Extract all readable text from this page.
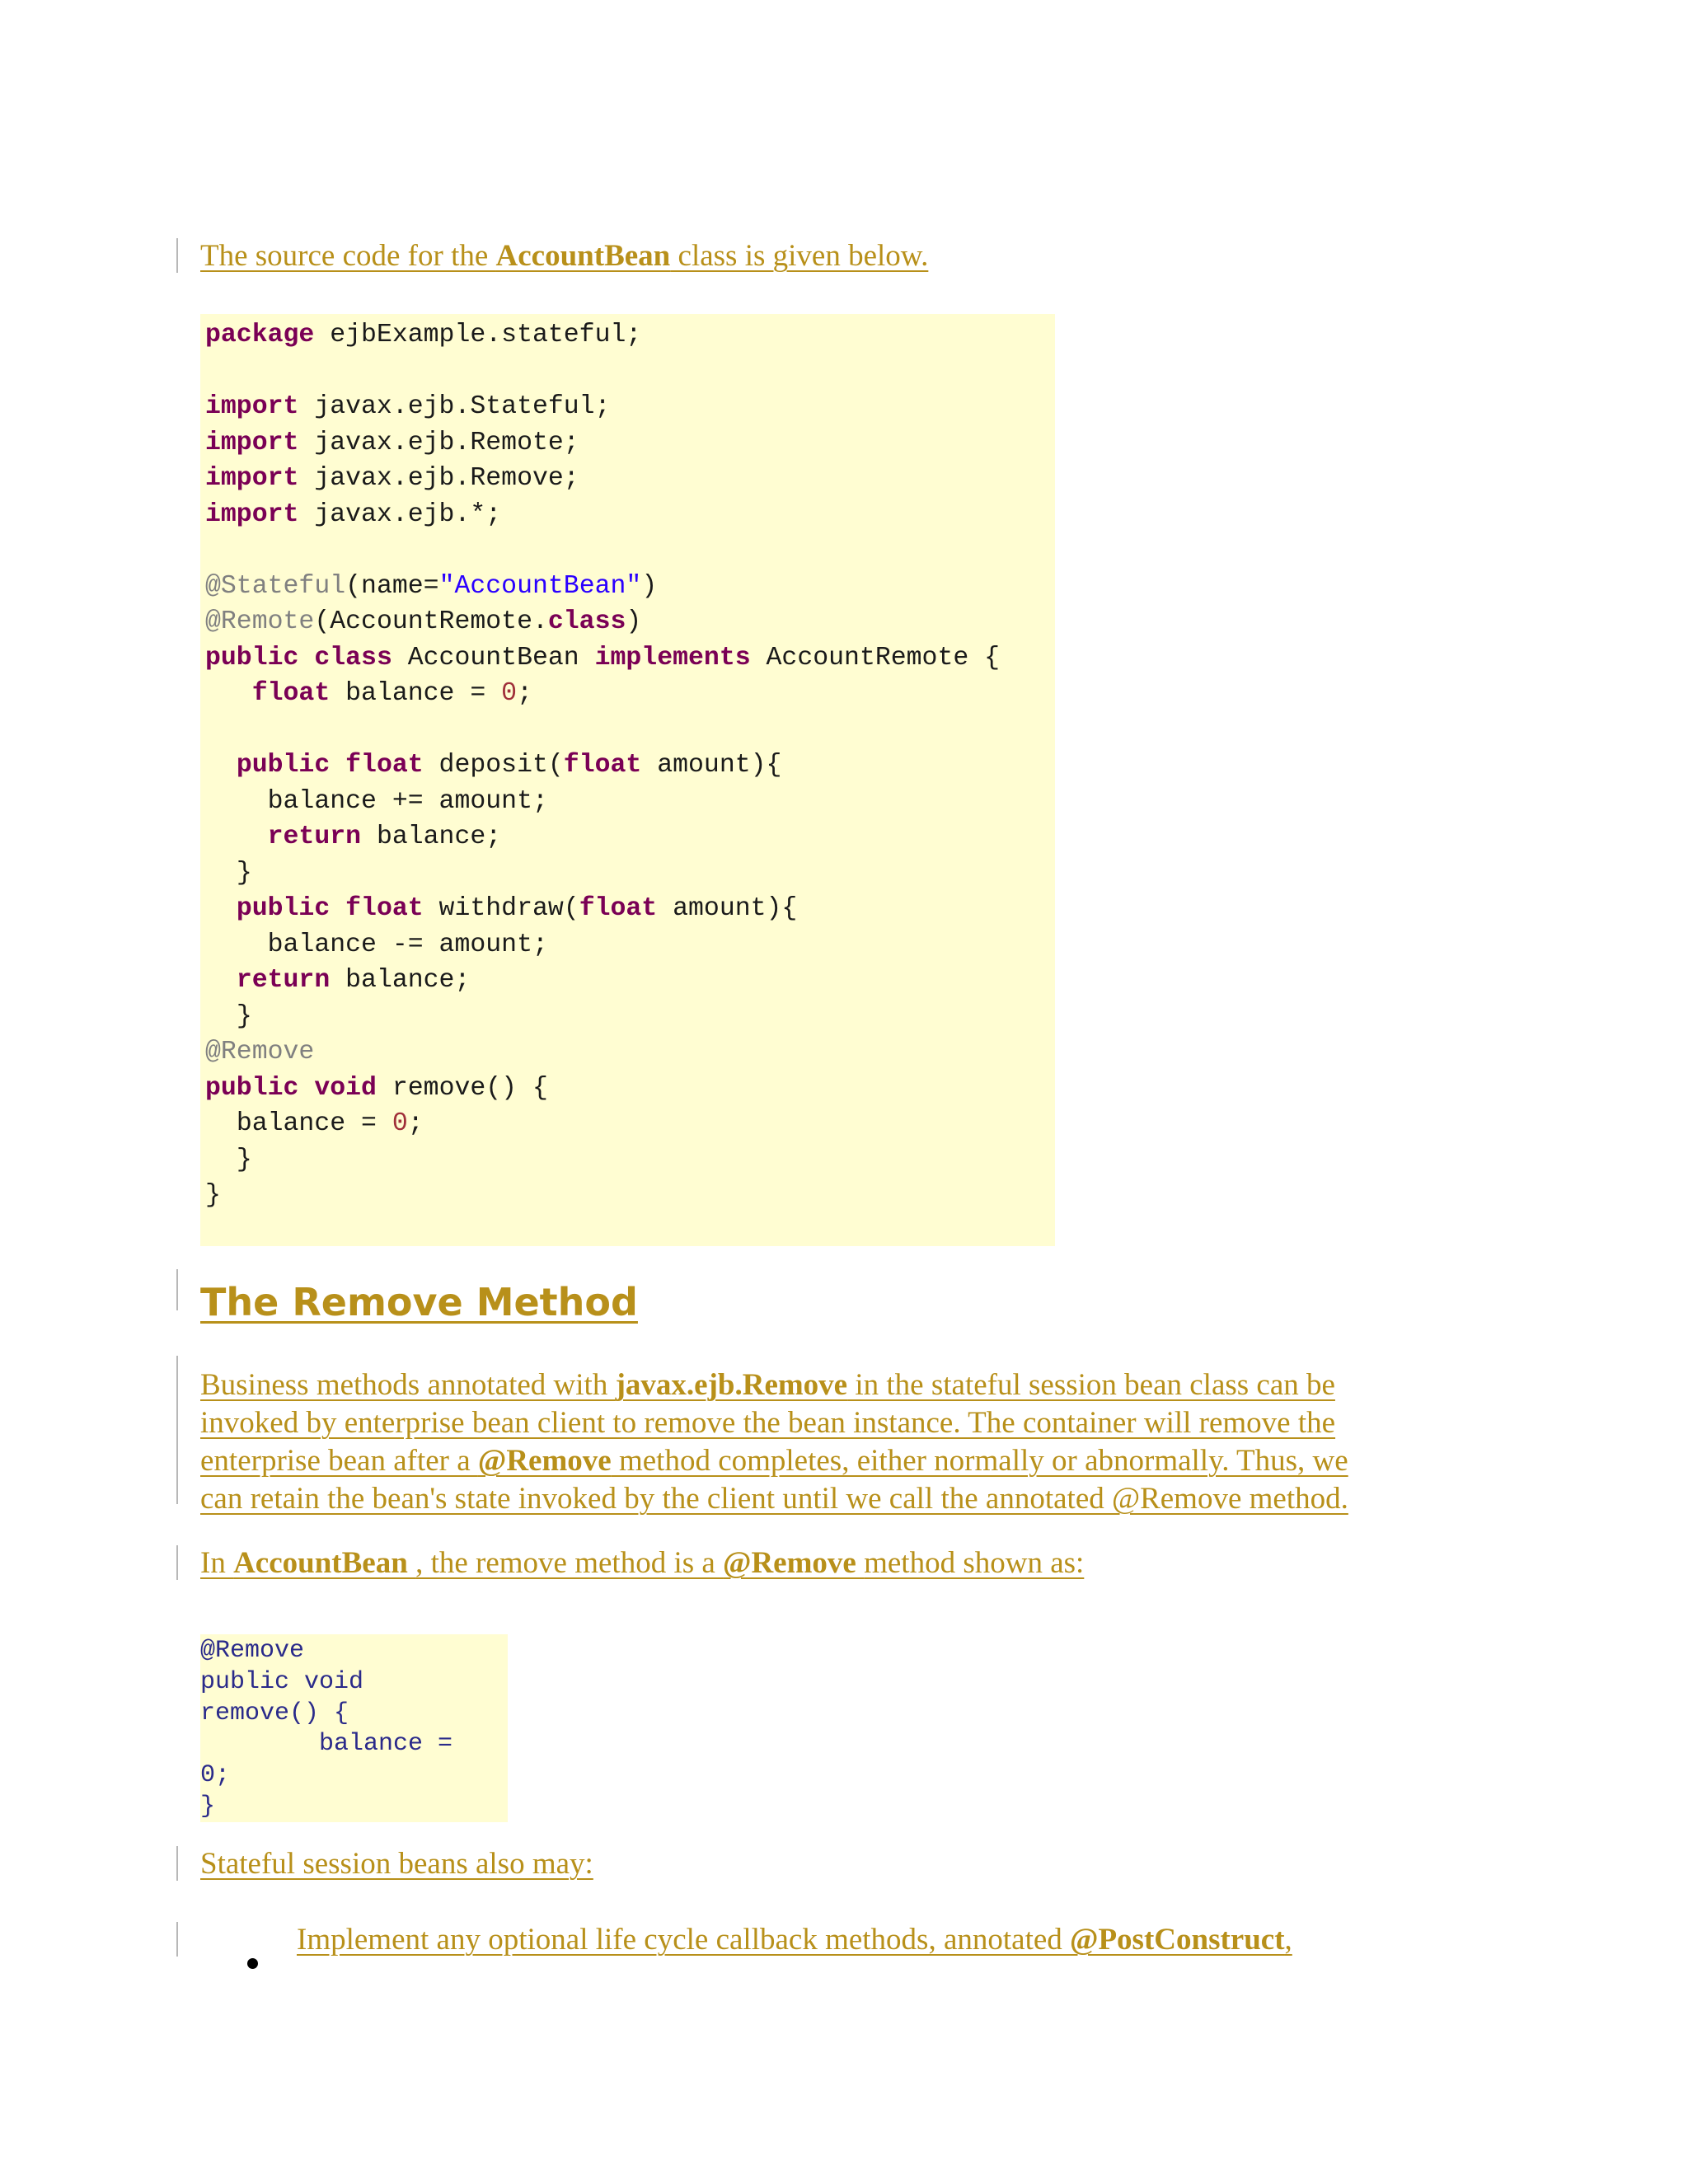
The source code for the AccountBean class is given below.
package ejbExample.stateful;

import javax.ejb.Stateful;
import javax.ejb.Remote;
import javax.ejb.Remove;
import javax.ejb.*;

@Stateful(name="AccountBean")
@Remote(AccountRemote.class)
public class AccountBean implements AccountRemote {
float balance = 0;

public float deposit(float amount){
balance += amount;
return balance;
}
public float withdraw(float amount){
balance -= amount;
return balance;
}
@Remove
public void remove() {
balance = 0;
}
}
The Remove Method
Business methods annotated with javax.ejb.Remove in the stateful session bean class can be
invoked by enterprise bean client to remove the bean instance. The container will remove the
enterprise bean after a @Remove method completes, either normally or abnormally. Thus, we
can retain the bean's state invoked by the client until we call the annotated @Remove method.
In AccountBean , the remove method is a @Remove method shown as:
@Remove
public void
remove() {
balance =
0;
}
Stateful session beans also may:
Implement any optional life cycle callback methods, annotated @PostConstruct,
